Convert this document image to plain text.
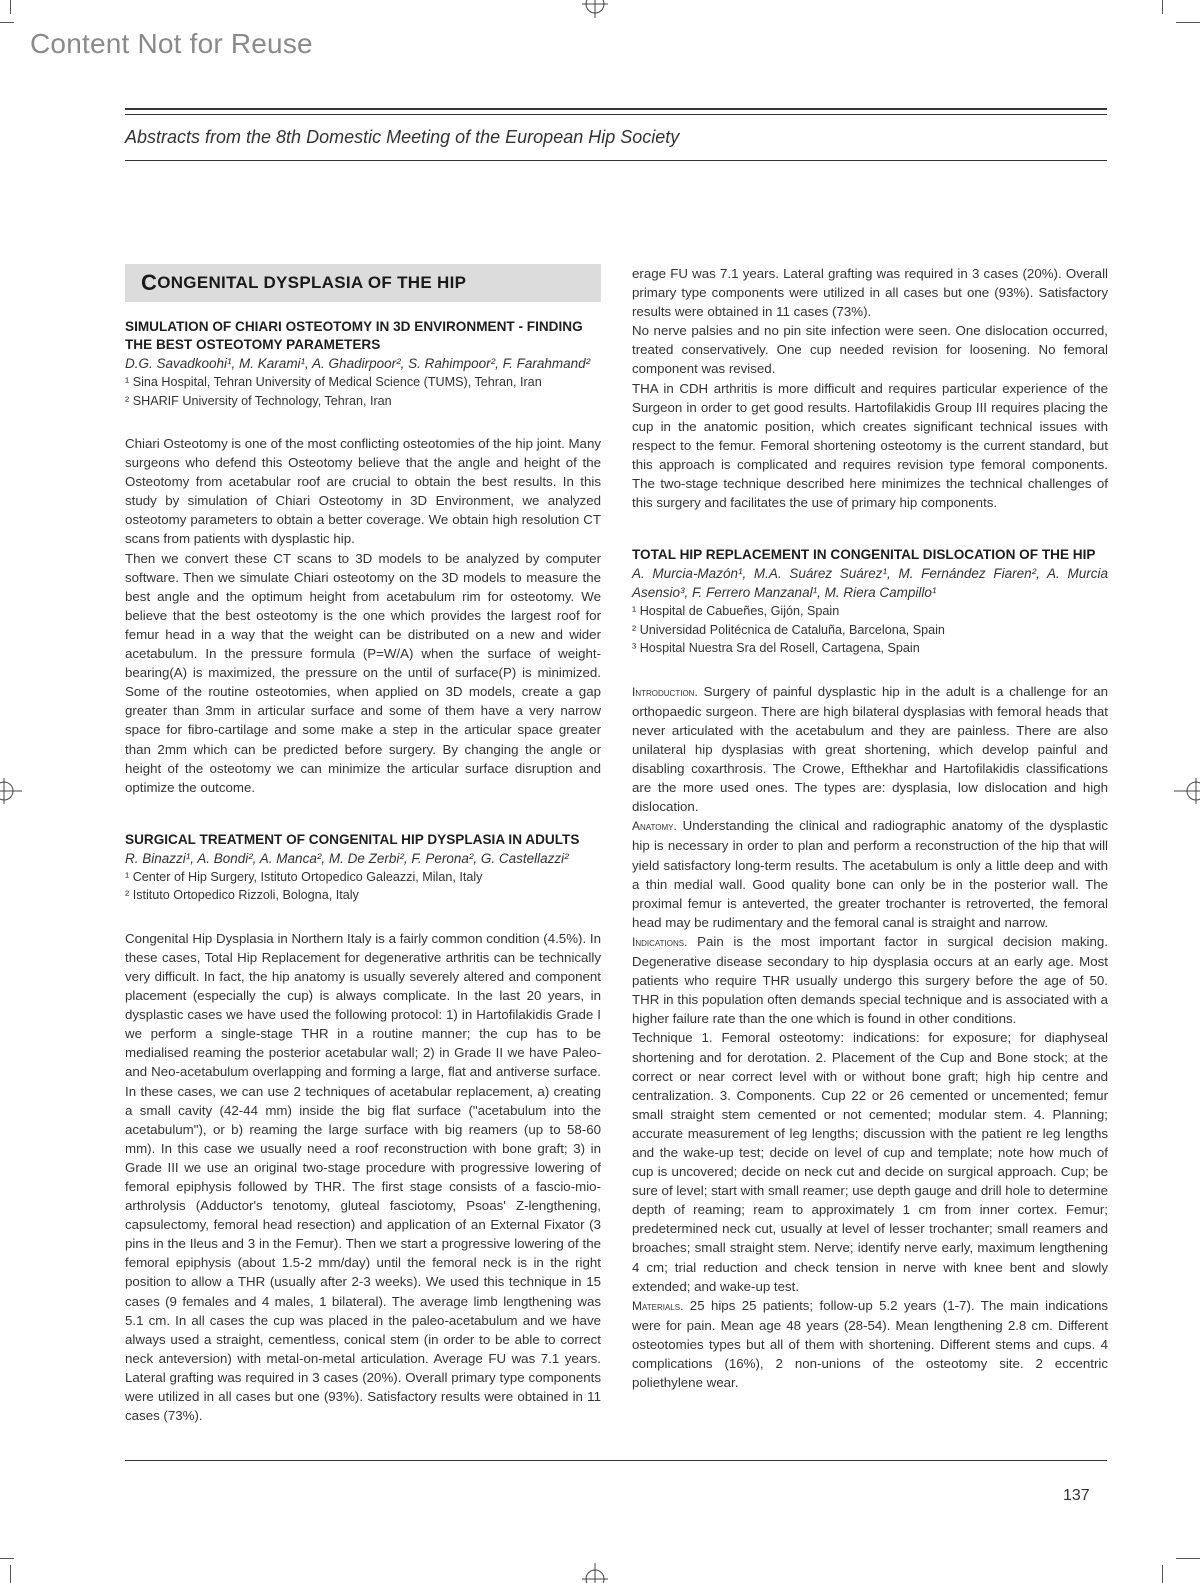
Content Not for Reuse
Abstracts from the 8th Domestic Meeting of the European Hip Society
C ONGENITAL DYSPLASIA OF THE HIP
SIMULATION OF CHIARI OSTEOTOMY IN 3D ENVIRONMENT - FINDING THE BEST OSTEOTOMY PARAMETERS
D.G. Savadkoohi¹, M. Karami¹, A. Ghadirpoor², S. Rahimpoor², F. Farahmand²
¹ Sina Hospital, Tehran University of Medical Science (TUMS), Tehran, Iran
² SHARIF University of Technology, Tehran, Iran

Chiari Osteotomy is one of the most conflicting osteotomies of the hip joint. Many surgeons who defend this Osteotomy believe that the angle and height of the Osteotomy from acetabular roof are crucial to obtain the best results. In this study by simulation of Chiari Osteotomy in 3D Environment, we analyzed osteotomy parameters to obtain a better coverage. We obtain high resolution CT scans from patients with dysplastic hip.

Then we convert these CT scans to 3D models to be analyzed by computer software. Then we simulate Chiari osteotomy on the 3D models to measure the best angle and the optimum height from acetabulum rim for osteotomy. We believe that the best osteotomy is the one which provides the largest roof for femur head in a way that the weight can be distributed on a new and wider acetabulum. In the pressure formula (P=W/A) when the surface of weight-bearing(A) is maximized, the pressure on the until of surface(P) is minimized. Some of the routine osteotomies, when applied on 3D models, create a gap greater than 3mm in articular surface and some of them have a very narrow space for fibro-cartilage and some make a step in the articular space greater than 2mm which can be predicted before surgery. By changing the angle or height of the osteotomy we can minimize the articular surface disruption and optimize the outcome.

SURGICAL TREATMENT OF CONGENITAL HIP DYSPLASIA IN ADULTS
R. Binazzi¹, A. Bondi², A. Manca², M. De Zerbi², F. Perona², G. Castellazzi²
¹ Center of Hip Surgery, Istituto Ortopedico Galeazzi, Milan, Italy
² Istituto Ortopedico Rizzoli, Bologna, Italy

Congenital Hip Dysplasia in Northern Italy is a fairly common condition (4.5%). In these cases, Total Hip Replacement for degenerative arthritis can be technically very difficult. In fact, the hip anatomy is usually severely altered and component placement (especially the cup) is always complicate. In the last 20 years, in dysplastic cases we have used the following protocol: 1) in Hartofilakidis Grade I we perform a single-stage THR in a routine manner; the cup has to be medialised reaming the posterior acetabular wall; 2) in Grade II we have Paleo- and Neo-acetabulum overlapping and forming a large, flat and antiverse surface. In these cases, we can use 2 techniques of acetabular replacement, a) creating a small cavity (42-44 mm) inside the big flat surface ("acetabulum into the acetabulum"), or b) reaming the large surface with big reamers (up to 58-60 mm). In this case we usually need a roof reconstruction with bone graft; 3) in Grade III we use an original two-stage procedure with progressive lowering of femoral epiphysis followed by THR. The first stage consists of a fascio-mio-arthrolysis (Adductor's tenotomy, gluteal fasciotomy, Psoas' Z-lengthening, capsulectomy, femoral head resection) and application of an External Fixator (3 pins in the Ileus and 3 in the Femur). Then we start a progressive lowering of the femoral epiphysis (about 1.5-2 mm/day) until the femoral neck is in the right position to allow a THR (usually after 2-3 weeks). We used this technique in 15 cases (9 females and 4 males, 1 bilateral). The average limb lengthening was 5.1 cm. In all cases the cup was placed in the paleo-acetabulum and we have always used a straight, cementless, conical stem (in order to be able to correct neck anteversion) with metal-on-metal articulation. Average FU was 7.1 years. Lateral grafting was required in 3 cases (20%). Overall primary type components were utilized in all cases but one (93%). Satisfactory results were obtained in 11 cases (73%).

erage FU was 7.1 years. Lateral grafting was required in 3 cases (20%). Overall primary type components were utilized in all cases but one (93%). Satisfactory results were obtained in 11 cases (73%).

No nerve palsies and no pin site infection were seen. One dislocation occurred, treated conservatively. One cup needed revision for loosening. No femoral component was revised.

THA in CDH arthritis is more difficult and requires particular experience of the Surgeon in order to get good results. Hartofilakidis Group III requires placing the cup in the anatomic position, which creates significant technical issues with respect to the femur. Femoral shortening osteotomy is the current standard, but this approach is complicated and requires revision type femoral components. The two-stage technique described here minimizes the technical challenges of this surgery and facilitates the use of primary hip components.

TOTAL HIP REPLACEMENT IN CONGENITAL DISLOCATION OF THE HIP
A. Murcia-Mazón¹, M.A. Suárez Suárez¹, M. Fernández Fiaren², A. Murcia Asensio³, F. Ferrero Manzanal¹, M. Riera Campillo¹
¹ Hospital de Cabueñes, Gijón, Spain
² Universidad Politécnica de Cataluña, Barcelona, Spain
³ Hospital Nuestra Sra del Rosell, Cartagena, Spain

Introduction. Surgery of painful dysplastic hip in the adult is a challenge for an orthopaedic surgeon. There are high bilateral dysplasias with femoral heads that never articulated with the acetabulum and they are painless. There are also unilateral hip dysplasias with great shortening, which develop painful and disabling coxarthrosis. The Crowe, Efthekhar and Hartofilakidis classifications are the more used ones. The types are: dysplasia, low dislocation and high dislocation.

Anatomy. Understanding the clinical and radiographic anatomy of the dysplastic hip is necessary in order to plan and perform a reconstruction of the hip that will yield satisfactory long-term results. The acetabulum is only a little deep and with a thin medial wall. Good quality bone can only be in the posterior wall. The proximal femur is anteverted, the greater trochanter is retroverted, the femoral head may be rudimentary and the femoral canal is straight and narrow.

Indications. Pain is the most important factor in surgical decision making. Degenerative disease secondary to hip dysplasia occurs at an early age. Most patients who require THR usually undergo this surgery before the age of 50. THR in this population often demands special technique and is associated with a higher failure rate than the one which is found in other conditions.

Technique 1. Femoral osteotomy: indications: for exposure; for diaphyseal shortening and for derotation. 2. Placement of the Cup and Bone stock; at the correct or near correct level with or without bone graft; high hip centre and centralization. 3. Components. Cup 22 or 26 cemented or uncemented; femur small straight stem cemented or not cemented; modular stem. 4. Planning; accurate measurement of leg lengths; discussion with the patient re leg lengths and the wake-up test; decide on level of cup and template; note how much of cup is uncovered; decide on neck cut and decide on surgical approach. Cup; be sure of level; start with small reamer; use depth gauge and drill hole to determine depth of reaming; ream to approximately 1 cm from inner cortex. Femur; predetermined neck cut, usually at level of lesser trochanter; small reamers and broaches; small straight stem. Nerve; identify nerve early, maximum lengthening 4 cm; trial reduction and check tension in nerve with knee bent and slowly extended; and wake-up test.

Materials. 25 hips 25 patients; follow-up 5.2 years (1-7). The main indications were for pain. Mean age 48 years (28-54). Mean lengthening 2.8 cm. Different osteotomies types but all of them with shortening. Different stems and cups. 4 complications (16%), 2 non-unions of the osteotomy site. 2 eccentric poliethylene wear.

137
